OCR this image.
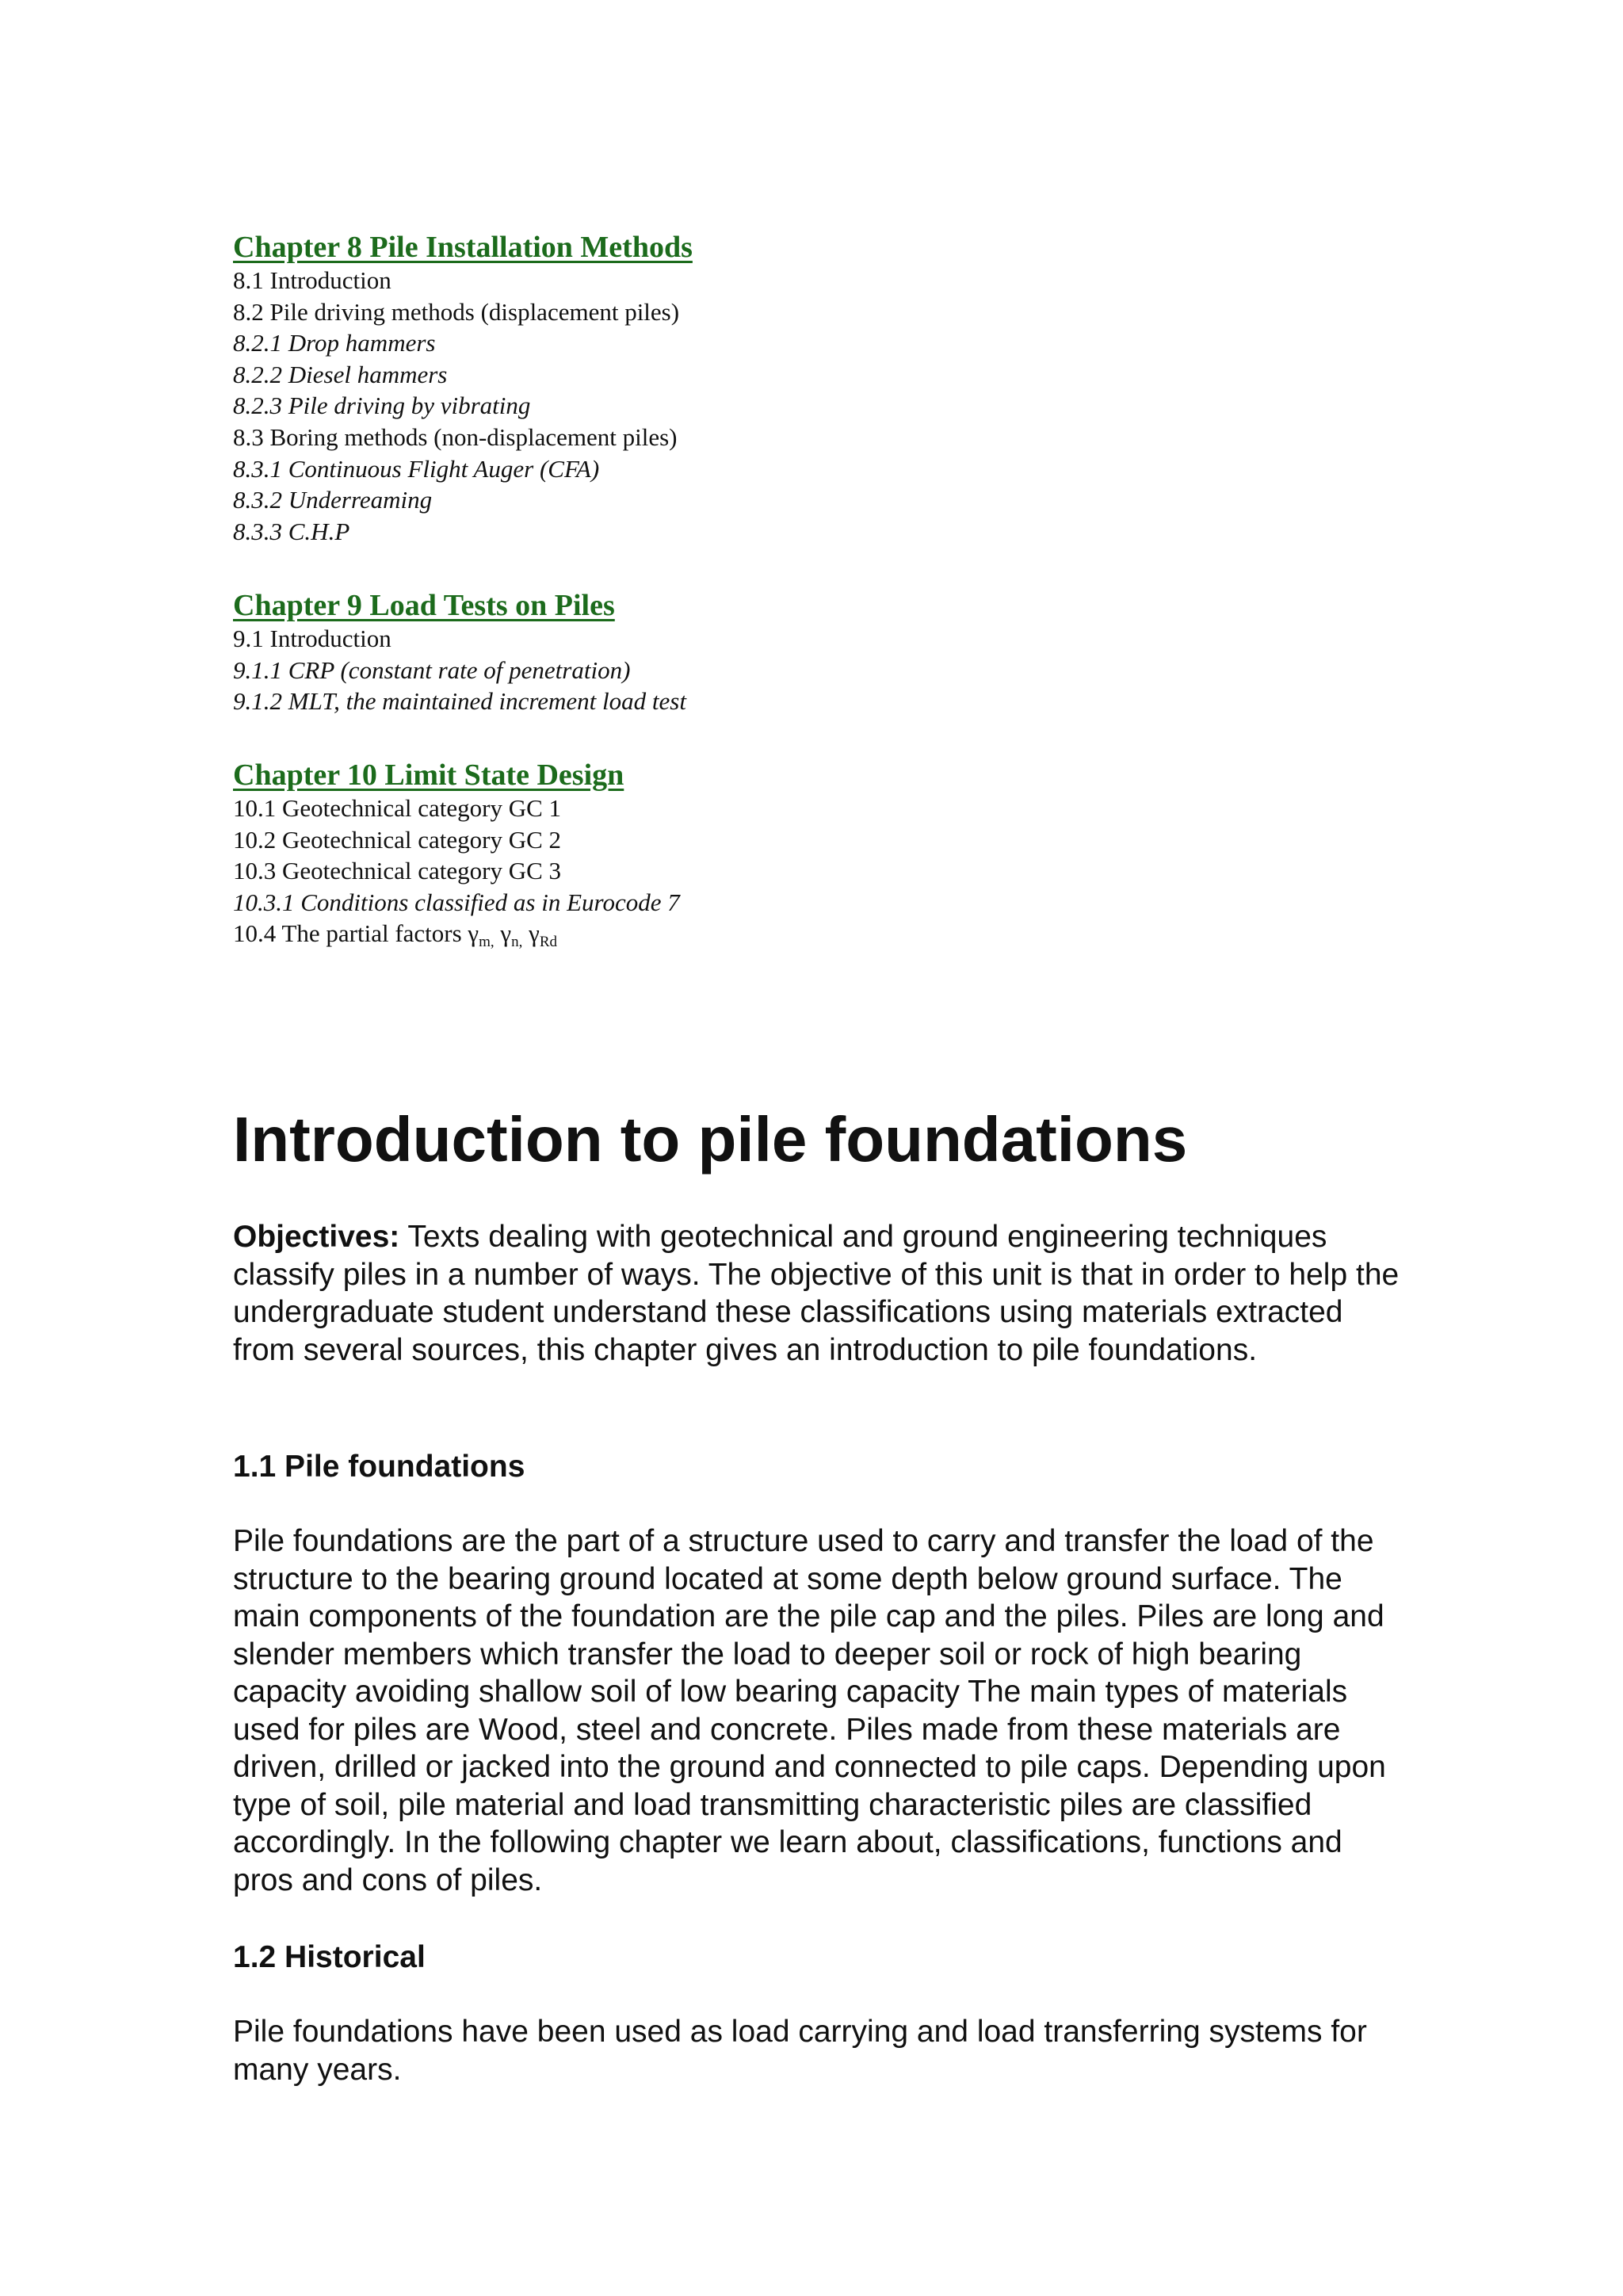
Chapter 8 Pile Installation Methods
8.1 Introduction
8.2 Pile driving methods (displacement piles)
8.2.1 Drop hammers
8.2.2 Diesel hammers
8.2.3 Pile driving by vibrating
8.3 Boring methods (non-displacement piles)
8.3.1 Continuous Flight Auger (CFA)
8.3.2 Underreaming
8.3.3 C.H.P
Chapter 9 Load Tests on Piles
9.1 Introduction
9.1.1 CRP (constant rate of penetration)
9.1.2 MLT, the maintained increment load test
Chapter 10 Limit State Design
10.1 Geotechnical category GC 1
10.2 Geotechnical category GC 2
10.3 Geotechnical category GC 3
10.3.1 Conditions classified as in Eurocode 7
10.4 The partial factors $\gamma_{m,}$ $\gamma_{n,}$ $\gamma_{Rd}$
Introduction to pile foundations

Objectives: Texts dealing with geotechnical and ground engineering techniques classify piles in a number of ways. The objective of this unit is that in order to help the undergraduate student understand these classifications using materials extracted from several sources, this chapter gives an introduction to pile foundations.

1.1 Pile foundations

Pile foundations are the part of a structure used to carry and transfer the load of the structure to the bearing ground located at some depth below ground surface. The main components of the foundation are the pile cap and the piles. Piles are long and slender members which transfer the load to deeper soil or rock of high bearing capacity avoiding shallow soil of low bearing capacity The main types of materials used for piles are Wood, steel and concrete. Piles made from these materials are driven, drilled or jacked into the ground and connected to pile caps. Depending upon type of soil, pile material and load transmitting characteristic piles are classified accordingly. In the following chapter we learn about, classifications, functions and pros and cons of piles.

1.2 Historical

Pile foundations have been used as load carrying and load transferring systems for many years.
